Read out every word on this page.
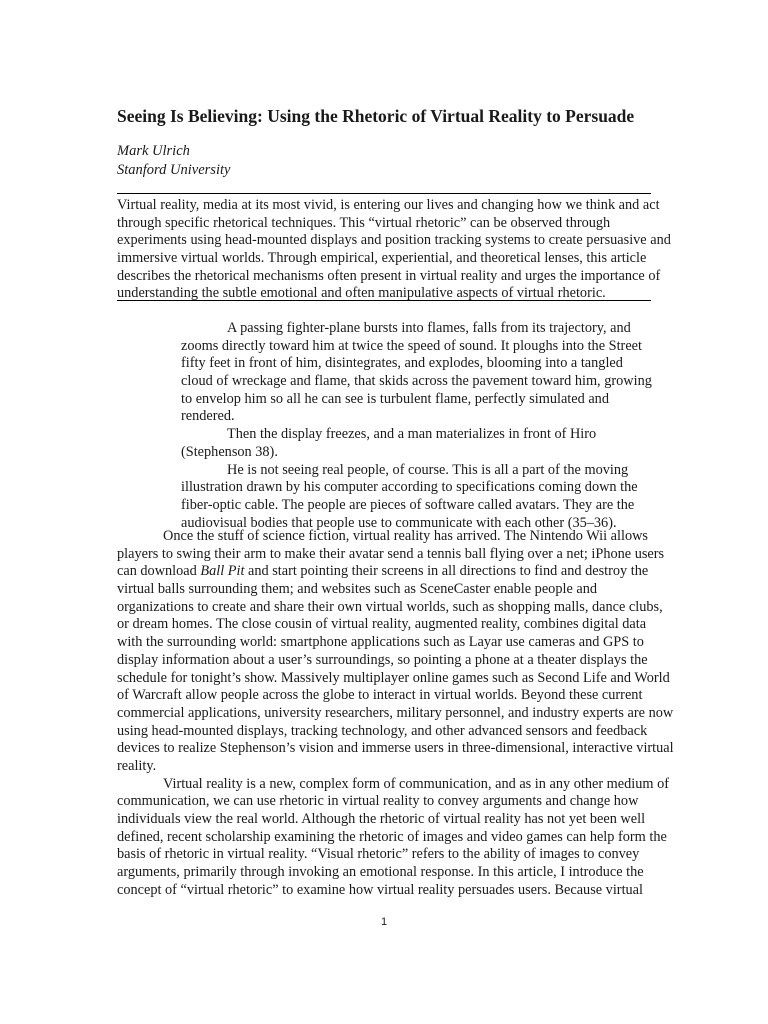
Seeing Is Believing: Using the Rhetoric of Virtual Reality to Persuade
Mark Ulrich
Stanford University
Virtual reality, media at its most vivid, is entering our lives and changing how we think and act
through specific rhetorical techniques. This “virtual rhetoric” can be observed through
experiments using head-mounted displays and position tracking systems to create persuasive and
immersive virtual worlds. Through empirical, experiential, and theoretical lenses, this article
describes the rhetorical mechanisms often present in virtual reality and urges the importance of
understanding the subtle emotional and often manipulative aspects of virtual rhetoric.
A passing fighter-plane bursts into flames, falls from its trajectory, and
zooms directly toward him at twice the speed of sound. It ploughs into the Street
fifty feet in front of him, disintegrates, and explodes, blooming into a tangled
cloud of wreckage and flame, that skids across the pavement toward him, growing
to envelop him so all he can see is turbulent flame, perfectly simulated and
rendered.
Then the display freezes, and a man materializes in front of Hiro
(Stephenson 38).
He is not seeing real people, of course. This is all a part of the moving
illustration drawn by his computer according to specifications coming down the
fiber-optic cable. The people are pieces of software called avatars. They are the
audiovisual bodies that people use to communicate with each other (35–36).
Once the stuff of science fiction, virtual reality has arrived. The Nintendo Wii allows
players to swing their arm to make their avatar send a tennis ball flying over a net; iPhone users
can download Ball Pit and start pointing their screens in all directions to find and destroy the
virtual balls surrounding them; and websites such as SceneCaster enable people and
organizations to create and share their own virtual worlds, such as shopping malls, dance clubs,
or dream homes. The close cousin of virtual reality, augmented reality, combines digital data
with the surrounding world: smartphone applications such as Layar use cameras and GPS to
display information about a user’s surroundings, so pointing a phone at a theater displays the
schedule for tonight’s show. Massively multiplayer online games such as Second Life and World
of Warcraft allow people across the globe to interact in virtual worlds. Beyond these current
commercial applications, university researchers, military personnel, and industry experts are now
using head-mounted displays, tracking technology, and other advanced sensors and feedback
devices to realize Stephenson’s vision and immerse users in three-dimensional, interactive virtual
reality.
Virtual reality is a new, complex form of communication, and as in any other medium of
communication, we can use rhetoric in virtual reality to convey arguments and change how
individuals view the real world. Although the rhetoric of virtual reality has not yet been well
defined, recent scholarship examining the rhetoric of images and video games can help form the
basis of rhetoric in virtual reality. “Visual rhetoric” refers to the ability of images to convey
arguments, primarily through invoking an emotional response. In this article, I introduce the
concept of “virtual rhetoric” to examine how virtual reality persuades users. Because virtual
1
